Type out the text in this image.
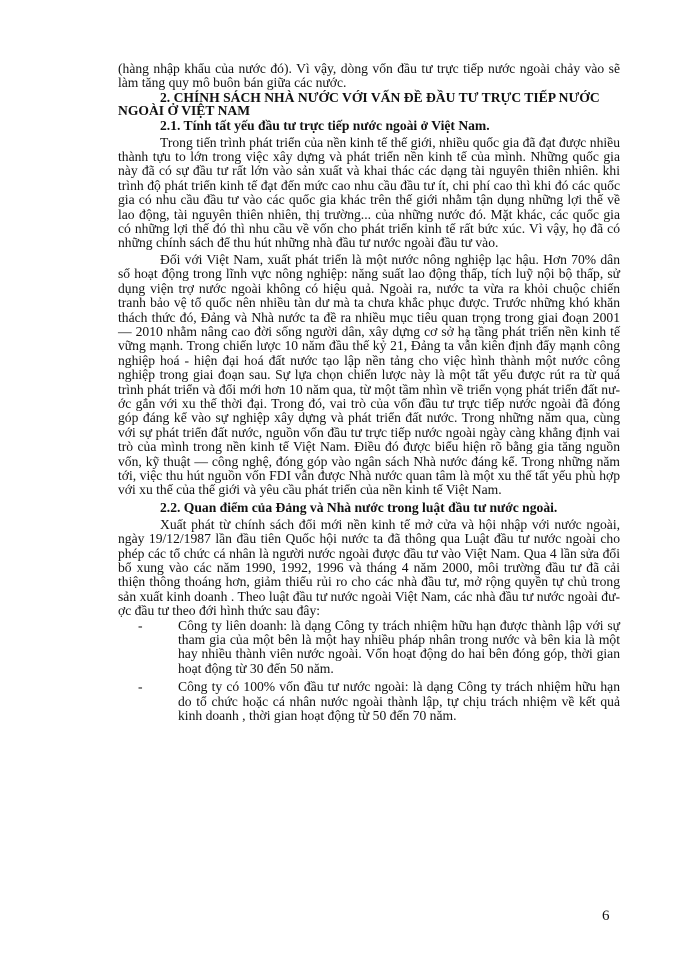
(hàng nhập khẩu của nước đó). Vì vậy, dòng vốn đầu tư trực tiếp nước ngoài chảy vào sẽ làm tăng quy mô buôn bán giữa các nước.

2. CHÍNH SÁCH NHÀ NƯỚC VỚI VẤN ĐỀ ĐẦU TƯ TRỰC TIẾP NƯỚC NGOÀI Ở VIỆT NAM

2.1. Tính tất yếu đầu tư trực tiếp nước ngoài ở Việt Nam.

Trong tiến trình phát triển của nền kinh tế thế giới, nhiều quốc gia đã đạt được nhiều thành tựu to lớn trong việc xây dựng và phát triển nền kinh tế của mình. Những quốc gia này đã có sự đầu tư rất lớn vào sản xuất và khai thác các dạng tài nguyên thiên nhiên. khi trình độ phát triển kinh tế đạt đến mức cao nhu cầu đầu tư ít, chi phí cao thì khi đó các quốc gia có nhu cầu đầu tư vào các quốc gia khác trên thế giới nhằm tận dụng những lợi thế về lao động, tài nguyên thiên nhiên, thị trường... của những nước đó. Mặt khác, các quốc gia có những lợi thế đó thì nhu cầu về vốn cho phát triển kinh tế rất bức xúc. Vì vậy, họ đã có những chính sách để thu hút những nhà đầu tư nước ngoài đầu tư vào.

Đối với Việt Nam, xuất phát triển là một nước nông nghiệp lạc hậu. Hơn 70% dân số hoạt động trong lĩnh vực nông nghiệp: năng suất lao động thấp, tích luỹ nội bộ thấp, sử dụng viện trợ nước ngoài không có hiệu quả. Ngoài ra, nước ta vừa ra khỏi chuộc chiến tranh bảo vệ tổ quốc nên nhiều tàn dư mà ta chưa khắc phục được. Trước những khó khăn thách thức đó, Đảng và Nhà nước ta đề ra nhiều mục tiêu quan trọng trong giai đoạn 2001 — 2010 nhằm nâng cao đời sống người dân, xây dựng cơ sở hạ tầng phát triển nền kinh tế vững mạnh. Trong chiến lược 10 năm đầu thế kỷ 21, Đảng ta vẫn kiên định đẩy mạnh công nghiệp hoá - hiện đại hoá đất nước tạo lập nền tảng cho việc hình thành một nước công nghiệp trong giai đoạn sau. Sự lựa chọn chiến lược này là một tất yếu được rút ra từ quá trình phát triển và đổi mới hơn 10 năm qua, từ một tầm nhìn về triển vọng phát triển đất nước gắn với xu thế thời đại. Trong đó, vai trò của vốn đầu tư trực tiếp nước ngoài đã đóng góp đáng kể vào sự nghiệp xây dựng và phát triển đất nước. Trong những năm qua, cùng với sự phát triển đất nước, nguồn vốn đầu tư trực tiếp nước ngoài ngày càng khẳng định vai trò của mình trong nền kinh tế Việt Nam. Điều đó được biểu hiện rõ bằng gia tăng nguồn vốn, kỹ thuật — công nghệ, đóng góp vào ngân sách Nhà nước đáng kể. Trong những năm tới, việc thu hút nguồn vốn FDI vẫn được Nhà nước quan tâm là một xu thế tất yếu phù hợp với xu thế của thế giới và yêu cầu phát triển của nền kinh tế Việt Nam.

2.2. Quan điểm của Đảng và Nhà nước trong luật đầu tư nước ngoài.

Xuất phát từ chính sách đổi mới nền kinh tế mở cửa và hội nhập với nước ngoài, ngày 19/12/1987 lần đầu tiên Quốc hội nước ta đã thông qua Luật đầu tư nước ngoài cho phép các tổ chức cá nhân là người nước ngoài được đầu tư vào Việt Nam. Qua 4 lần sửa đổi bổ xung vào các năm 1990, 1992, 1996 và tháng 4 năm 2000, môi trường đầu tư đã cải thiện thông thoáng hơn, giảm thiểu rủi ro cho các nhà đầu tư, mở rộng quyền tự chủ trong sản xuất kinh doanh . Theo luật đầu tư nước ngoài Việt Nam, các nhà đầu tư nước ngoài được đầu tư theo đới hình thức sau đây:

-	Công ty liên doanh: là dạng Công ty trách nhiệm hữu hạn được thành lập với sự tham gia của một bên là một hay nhiều pháp nhân trong nước và bên kia là một hay nhiều thành viên nước ngoài. Vốn hoạt động do hai bên đóng góp, thời gian hoạt động từ 30 đến 50 năm.
-	Công ty có 100% vốn đầu tư nước ngoài: là dạng Công ty trách nhiệm hữu hạn do tổ chức hoặc cá nhân nước ngoài thành lập, tự chịu trách nhiệm về kết quả kinh doanh , thời gian hoạt động từ 50 đến 70 năm.
6
